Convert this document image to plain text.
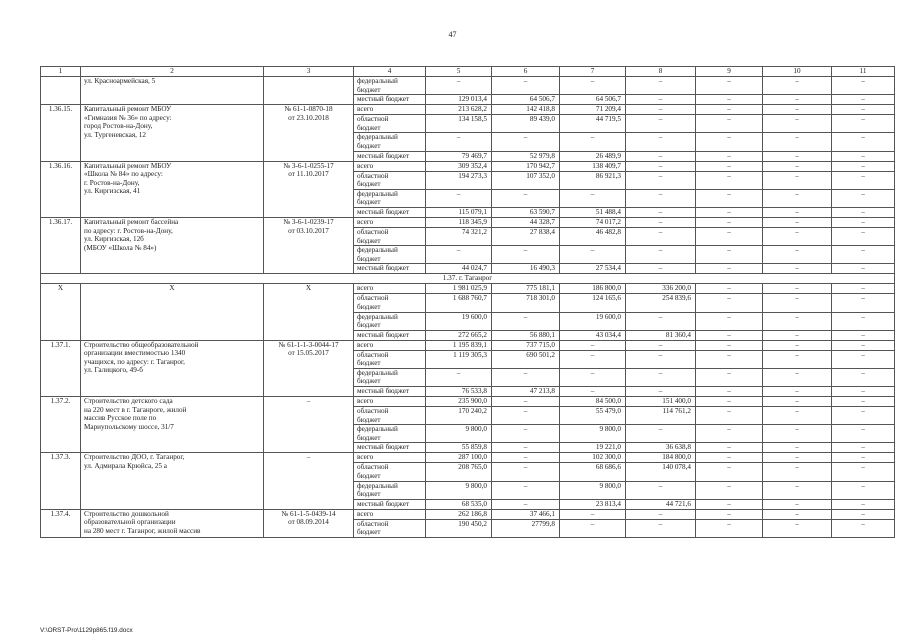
47
1	2	3	4	5	6	7	8	9	10	11
	ул. Красноармейская, 5		федеральный
бюджет	–	–	–	–	–	–	–
			местный бюджет	129 013,4	64 506,7	64 506,7	–	–	–	–
1.36.15.	Капитальный ремонт МБОУ
«Гимназия № 36» по адресу:
город Ростов-на-Дону,
ул. Тургеневская, 12	№ 61-1-0870-18
от 23.10.2018	всего	213 628,2	142 418,8	71 209,4	–	–	–	–
			областной
бюджет	134 158,5	89 439,0	44 719,5	–	–	–	–
			федеральный
бюджет	–	–	–	–	–	–	–
			местный бюджет	79 469,7	52 979,8	26 489,9	–	–	–	–
1.36.16.	Капитальный ремонт МБОУ
«Школа № 84» по адресу:
г. Ростов-на-Дону,
ул. Киргизская, 41	№ 3-6-1-0255-17
от 11.10.2017	всего	309 352,4	170 942,7	138 409,7	–	–	–	–
			областной
бюджет	194 273,3	107 352,0	86 921,3	–	–	–	–
			федеральный
бюджет	–	–	–	–	–	–	–
			местный бюджет	115 079,1	63 590,7	51 488,4	–	–	–	–
1.36.17.	Капитальный ремонт бассейна
по адресу: г. Ростов-на-Дону,
ул. Киргизская, 12б
(МБОУ «Школа № 84»)	№ 3-6-1-0239-17
от 03.10.2017	всего	118 345,9	44 328,7	74 017,2	–	–	–	–
			областной
бюджет	74 321,2	27 838,4	46 482,8	–	–	–	–
			федеральный
бюджет	–	–	–	–	–	–	–
			местный бюджет	44 024,7	16 490,3	27 534,4	–	–	–	–
1.37. г. Таганрог										
X	X	X	всего	1 981 025,9	775 181,1	186 800,0	336 200,0	–	–	–
			областной
бюджет	1 688 760,7	718 301,0	124 165,6	254 839,6	–	–	–
			федеральный
бюджет	19 600,0	–	19 600,0	–	–	–	–
			местный бюджет	272 665,2	56 880,1	43 034,4	81 360,4	–	–	–
1.37.1.	Строительство общеобразовательной
организации вместимостью 1340
учащихся, по адресу: г. Таганрог,
ул. Галицкого, 49-б	№ 61-1-1-3-0044-17
от 15.05.2017	всего	1 195 839,1	737 715,0	–	–	–	–	–
			областной
бюджет	1 119 305,3	690 501,2	–	–	–	–	–
			федеральный
бюджет	–	–	–	–	–	–	–
			местный бюджет	76 533,8	47 213,8	–	–	–	–	–
1.37.2.	Строительство детского сада
на 220 мест в г. Таганроге, жилой
массив Русское поле по
Мариупольскому шоссе, 31/7	–	всего	235 900,0	–	84 500,0	151 400,0	–	–	–
			областной
бюджет	170 240,2	–	55 479,0	114 761,2	–	–	–
			федеральный
бюджет	9 800,0	–	9 800,0	–	–	–	–
			местный бюджет	55 859,8	–	19 221,0	36 638,8	–	–	–
1.37.3.	Строительство ДОО, г. Таганрог,
ул. Адмирала Крюйса, 25 а	–	всего	287 100,0	–	102 300,0	184 800,0	–	–	–
			областной
бюджет	208 765,0	–	68 686,6	140 078,4	–	–	–
			федеральный
бюджет	9 800,0	–	9 800,0	–	–	–	–
			местный бюджет	68 535,0	–	23 813,4	44 721,6	–	–	–
1.37.4.	Строительство дошкольной
образовательной организации
на 280 мест г. Таганрог, жилой массив	№ 61-1-5-0439-14
от 08.09.2014	всего	262 186,8	37 466,1	–	–	–	–	–
			областной
бюджет	190 450,2	27799,8	–	–	–	–	–
V:\ORST-Pro\1129p865.f19.docx
